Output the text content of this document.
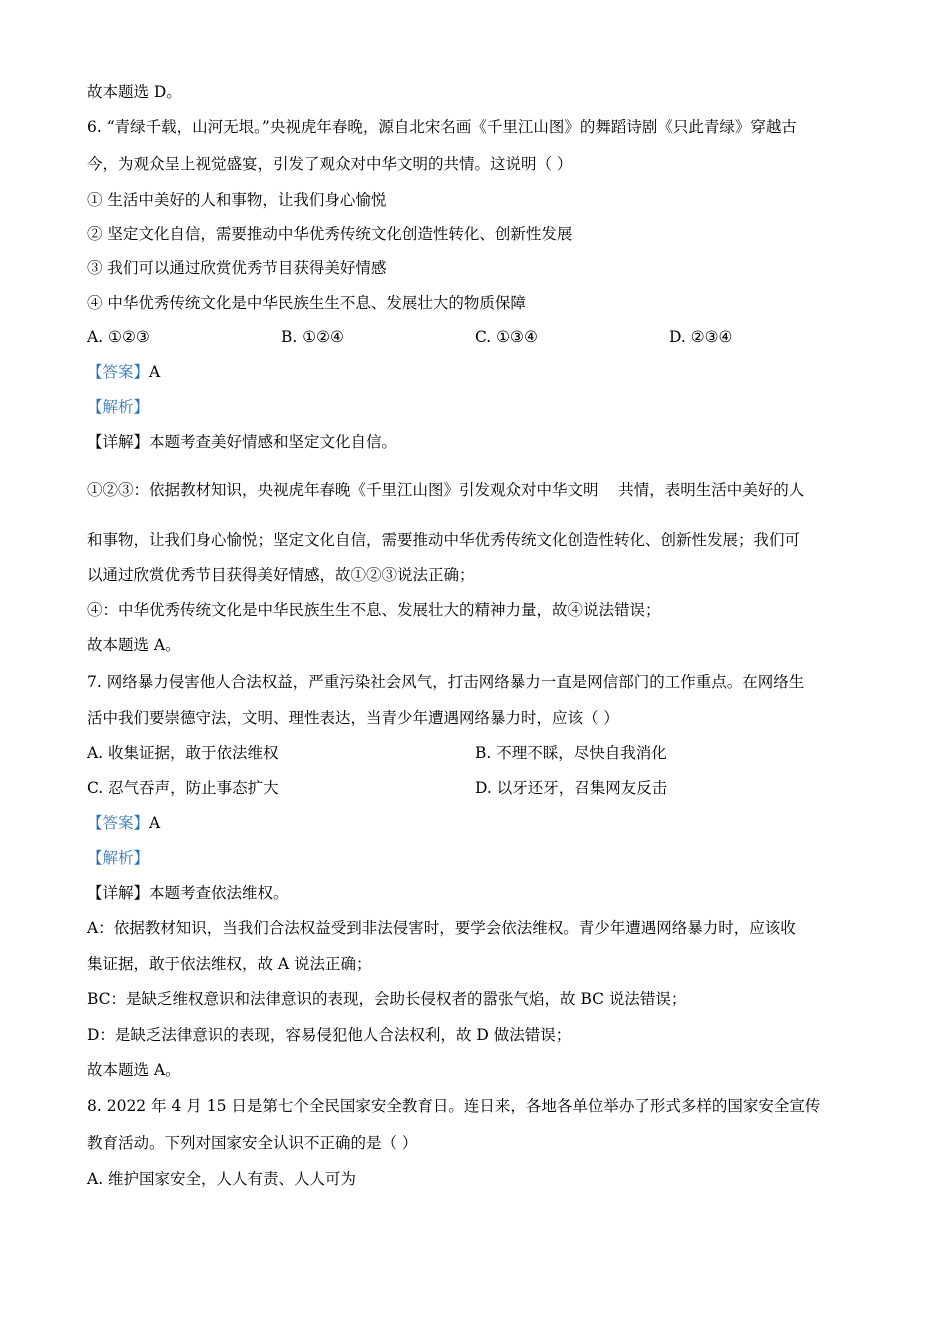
故本题选 D。
6. “青绿千载，山河无垠。”央视虎年春晚，源自北宋名画《千里江山图》的舞蹈诗剧《只此青绿》穿越古
今，为观众呈上视觉盛宴，引发了观众对中华文明的共情。这说明（ ）
① 生活中美好的人和事物，让我们身心愉悦
② 坚定文化自信，需要推动中华优秀传统文化创造性转化、创新性发展
③ 我们可以通过欣赏优秀节目获得美好情感
④ 中华优秀传统文化是中华民族生生不息、发展壮大的物质保障
A. ①②③	B. ①②④	C. ①③④	D. ②③④
【答案】A
【解析】
【详解】本题考查美好情感和坚定文化自信。
①②③：依据教材知识，央视虎年春晚《千里江山图》引发观众对中华文明    共情，表明生活中美好的人
和事物，让我们身心愉悦；坚定文化自信，需要推动中华优秀传统文化创造性转化、创新性发展；我们可
以通过欣赏优秀节目获得美好情感，故①②③说法正确；
④：中华优秀传统文化是中华民族生生不息、发展壮大的精神力量，故④说法错误；
故本题选 A。
7. 网络暴力侵害他人合法权益，严重污染社会风气，打击网络暴力一直是网信部门的工作重点。在网络生
活中我们要崇德守法，文明、理性表达，当青少年遭遇网络暴力时，应该（ ）
A. 收集证据，敢于依法维权	B. 不理不睬，尽快自我消化
C. 忍气吞声，防止事态扩大	D. 以牙还牙，召集网友反击
【答案】A
【解析】
【详解】本题考查依法维权。
A：依据教材知识，当我们合法权益受到非法侵害时，要学会依法维权。青少年遭遇网络暴力时，应该收
集证据，敢于依法维权，故 A 说法正确；
BC：是缺乏维权意识和法律意识的表现，会助长侵权者的嚣张气焰，故 BC 说法错误；
D：是缺乏法律意识的表现，容易侵犯他人合法权利，故 D 做法错误；
故本题选 A。
8. 2022 年 4 月 15 日是第七个全民国家安全教育日。连日来，各地各单位举办了形式多样的国家安全宣传
教育活动。下列对国家安全认识不正确的是（ ）
A. 维护国家安全，人人有责、人人可为
